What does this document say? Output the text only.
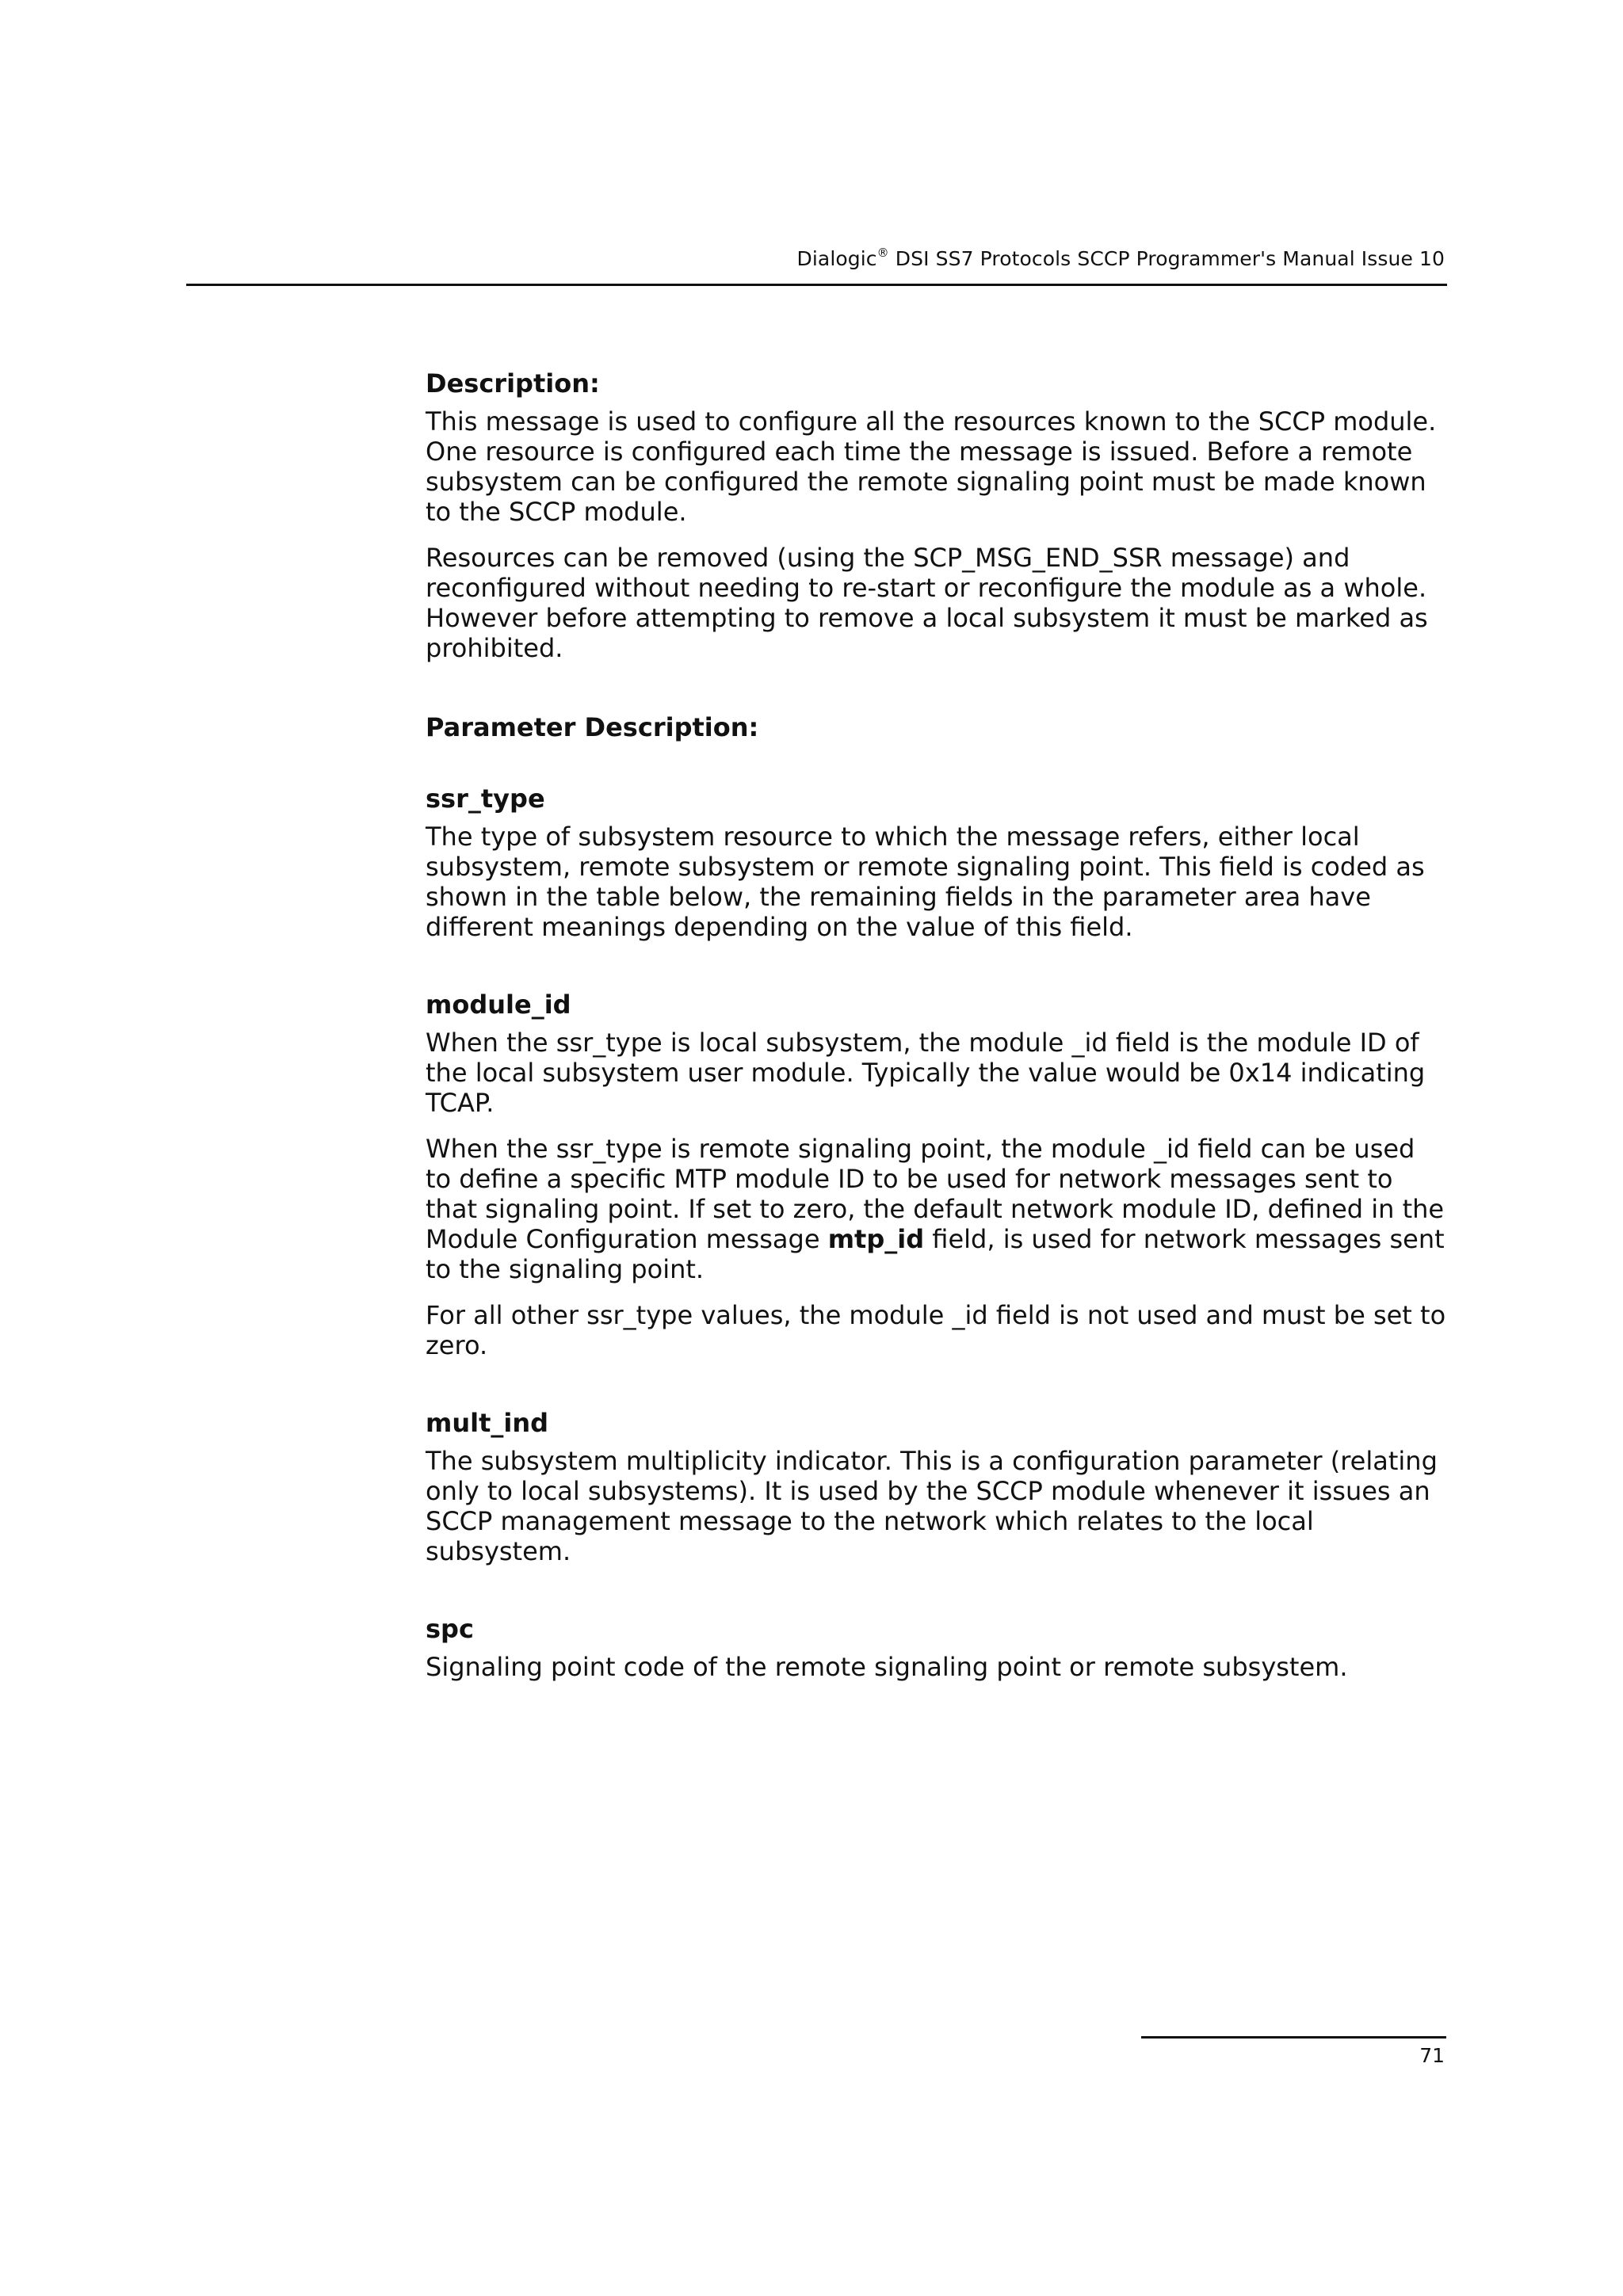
Dialogic® DSI SS7 Protocols SCCP Programmer's Manual Issue 10
Description:

This message is used to configure all the resources known to the SCCP module. One resource is configured each time the message is issued. Before a remote subsystem can be configured the remote signaling point must be made known to the SCCP module.

Resources can be removed (using the SCP_MSG_END_SSR message) and reconfigured without needing to re-start or reconfigure the module as a whole. However before attempting to remove a local subsystem it must be marked as prohibited.

Parameter Description:
ssr_type

The type of subsystem resource to which the message refers, either local subsystem, remote subsystem or remote signaling point. This field is coded as shown in the table below, the remaining fields in the parameter area have different meanings depending on the value of this field.

module_id

When the ssr_type is local subsystem, the module _id field is the module ID of the local subsystem user module. Typically the value would be 0x14 indicating TCAP.

When the ssr_type is remote signaling point, the module _id field can be used to define a specific MTP module ID to be used for network messages sent to that signaling point. If set to zero, the default network module ID, defined in the Module Configuration message mtp_id field, is used for network messages sent to the signaling point.

For all other ssr_type values, the module _id field is not used and must be set to zero.

mult_ind

The subsystem multiplicity indicator. This is a configuration parameter (relating only to local subsystems). It is used by the SCCP module whenever it issues an SCCP management message to the network which relates to the local subsystem.

spc

Signaling point code of the remote signaling point or remote subsystem.

71
